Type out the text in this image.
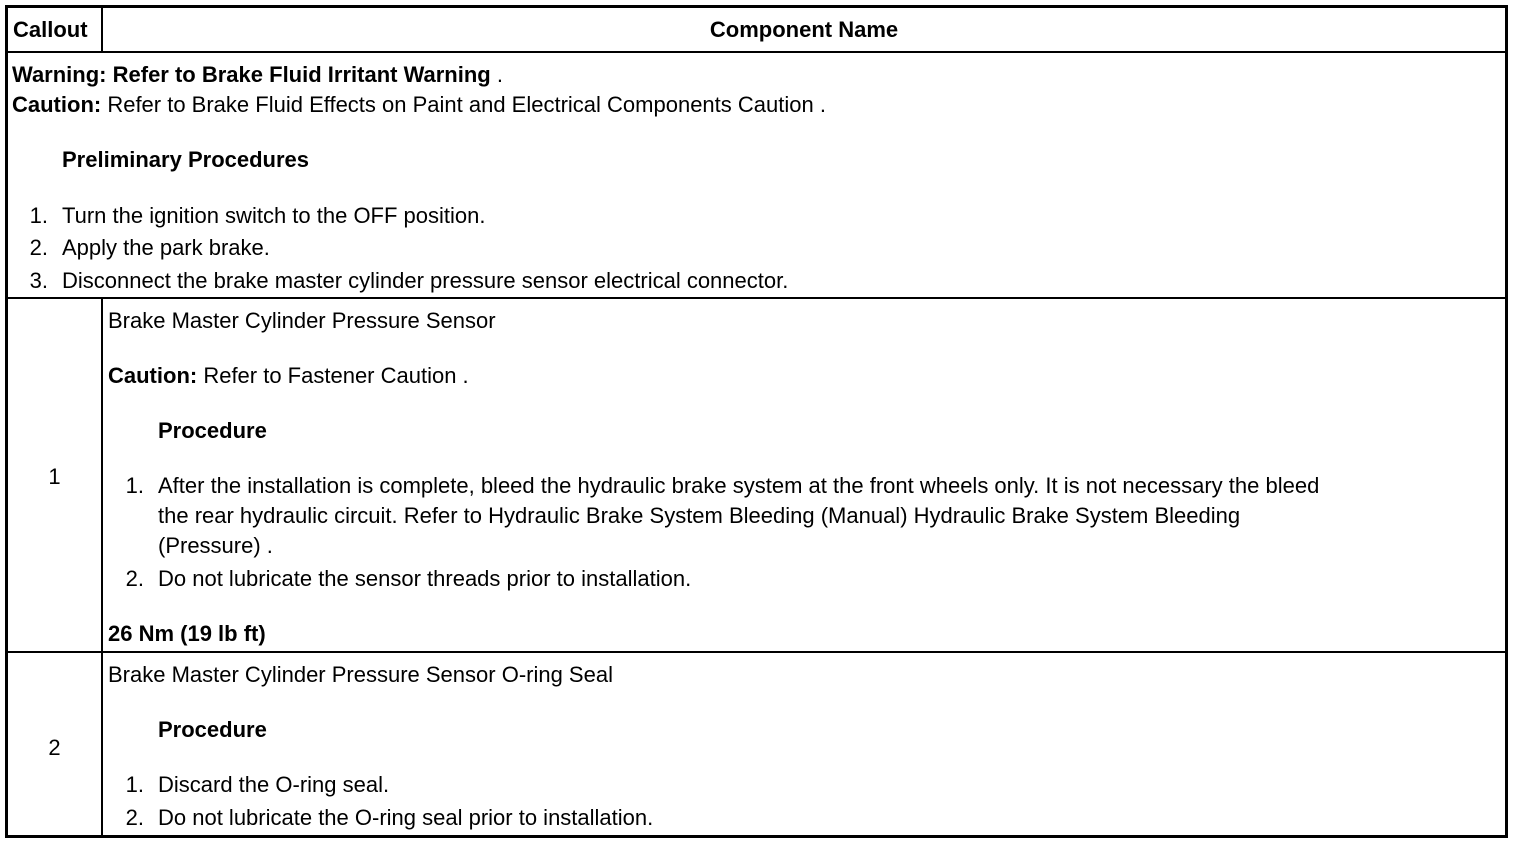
Callout	Component Name
Warning: Refer to Brake Fluid Irritant Warning .
Caution: Refer to Brake Fluid Effects on Paint and Electrical Components Caution .
Preliminary Procedures
1. Turn the ignition switch to the OFF position.
2. Apply the park brake.
3. Disconnect the brake master cylinder pressure sensor electrical connector.
1
Brake Master Cylinder Pressure Sensor
Caution: Refer to Fastener Caution .
Procedure
1. After the installation is complete, bleed the hydraulic brake system at the front wheels only. It is not necessary the bleed
the rear hydraulic circuit. Refer to Hydraulic Brake System Bleeding (Manual) Hydraulic Brake System Bleeding
(Pressure) .
2. Do not lubricate the sensor threads prior to installation.
26 Nm (19 lb ft)
2
Brake Master Cylinder Pressure Sensor O-ring Seal
Procedure
1. Discard the O-ring seal.
2. Do not lubricate the O-ring seal prior to installation.
